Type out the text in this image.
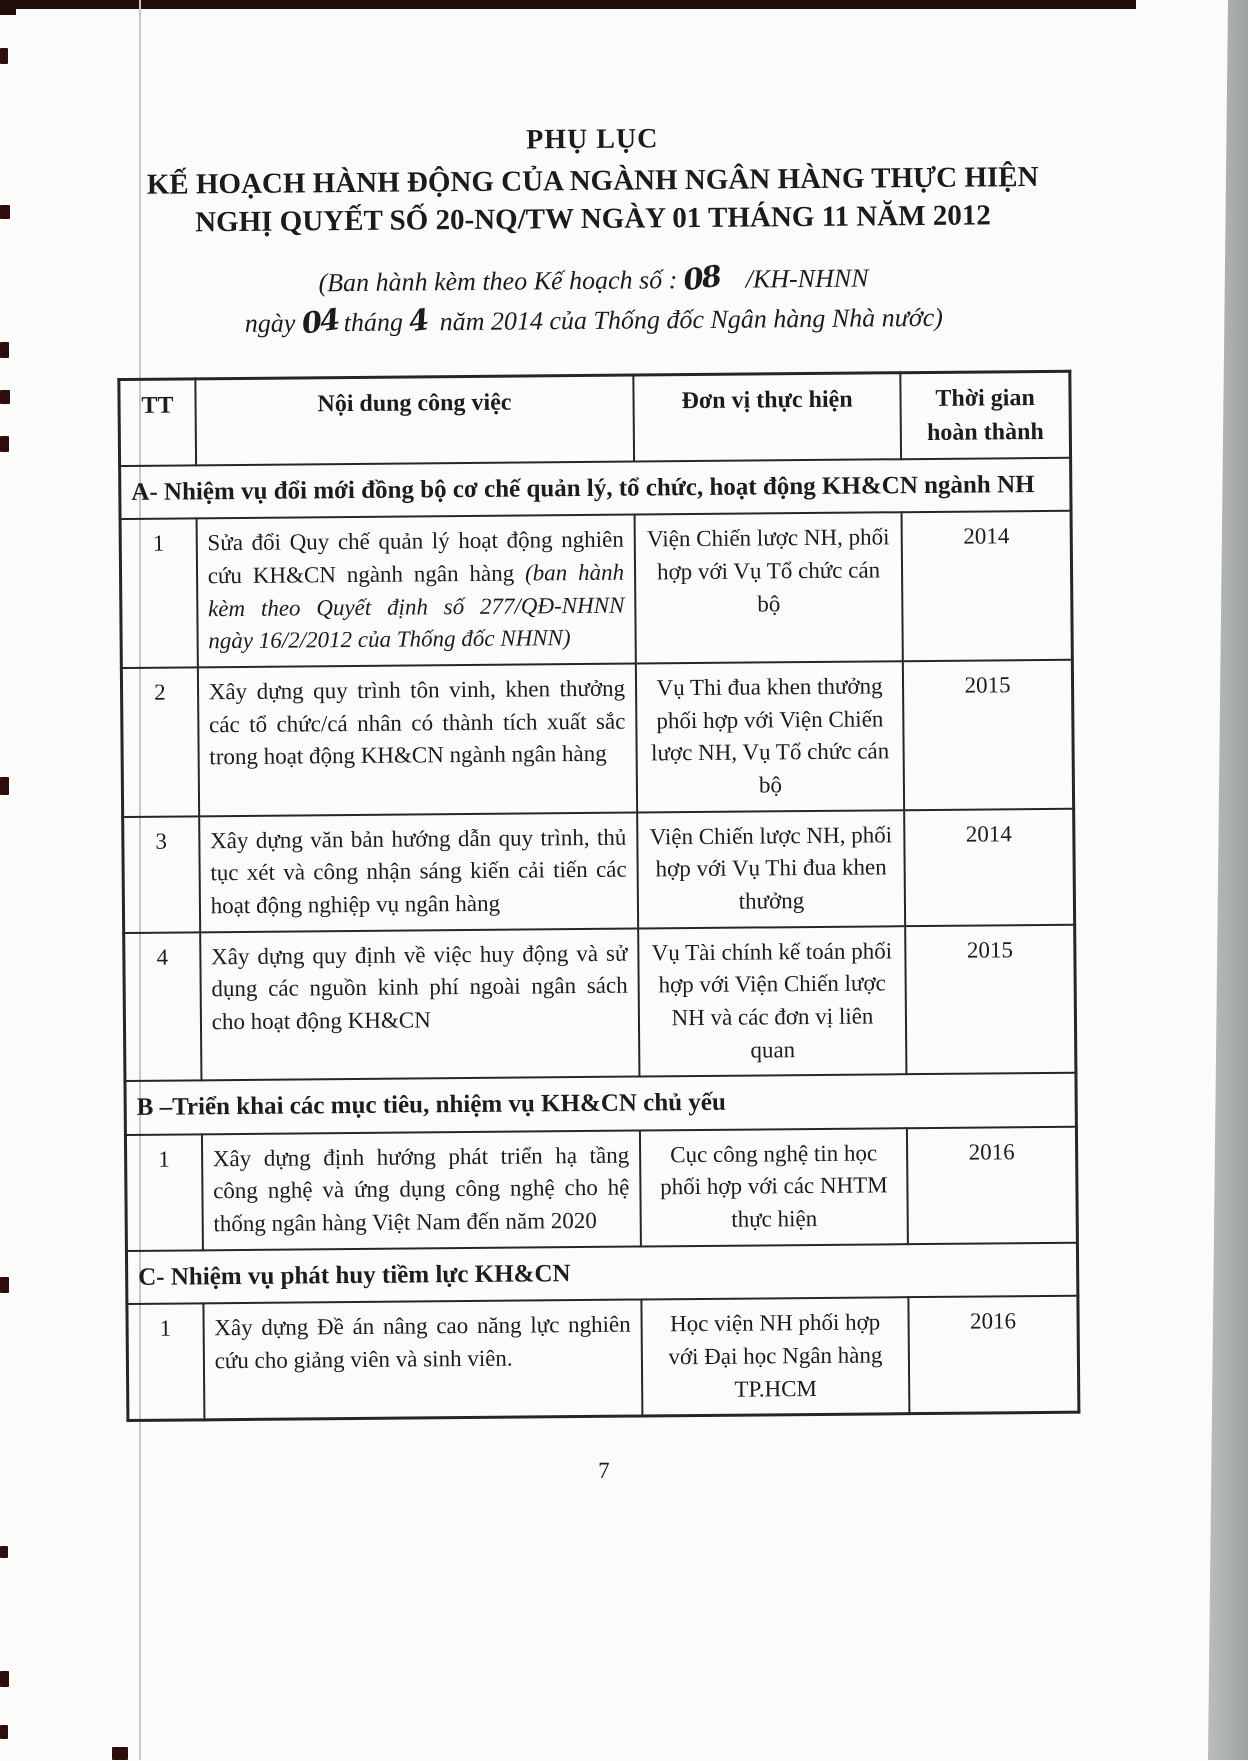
PHỤ LỤC
KẾ HOẠCH HÀNH ĐỘNG CỦA NGÀNH NGÂN HÀNG THỰC HIỆN
NGHỊ QUYẾT SỐ 20-NQ/TW NGÀY 01 THÁNG 11 NĂM 2012
(Ban hành kèm theo Kế hoạch số : 08 /KH-NHNN
ngày 04 tháng 4 năm 2014 của Thống đốc Ngân hàng Nhà nước)
TT	Nội dung công việc	Đơn vị thực hiện	Thời gian hoàn thành
A- Nhiệm vụ đổi mới đồng bộ cơ chế quản lý, tổ chức, hoạt động KH&CN ngành NH			
1	Sửa đổi Quy chế quản lý hoạt động nghiên cứu KH&CN ngành ngân hàng (ban hành kèm theo Quyết định số 277/QĐ-NHNN ngày 16/2/2012 của Thống đốc NHNN)	Viện Chiến lược NH, phối hợp với Vụ Tổ chức cán bộ	2014
2	Xây dựng quy trình tôn vinh, khen thưởng các tổ chức/cá nhân có thành tích xuất sắc trong hoạt động KH&CN ngành ngân hàng	Vụ Thi đua khen thưởng phối hợp với Viện Chiến lược NH, Vụ Tổ chức cán bộ	2015
3	Xây dựng văn bản hướng dẫn quy trình, thủ tục xét và công nhận sáng kiến cải tiến các hoạt động nghiệp vụ ngân hàng	Viện Chiến lược NH, phối hợp với Vụ Thi đua khen thưởng	2014
4	Xây dựng quy định về việc huy động và sử dụng các nguồn kinh phí ngoài ngân sách cho hoạt động KH&CN	Vụ Tài chính kế toán phối hợp với Viện Chiến lược NH và các đơn vị liên quan	2015
B –Triển khai các mục tiêu, nhiệm vụ KH&CN chủ yếu			
1	Xây dựng định hướng phát triển hạ tầng công nghệ và ứng dụng công nghệ cho hệ thống ngân hàng Việt Nam đến năm 2020	Cục công nghệ tin học phối hợp với các NHTM thực hiện	2016
C- Nhiệm vụ phát huy tiềm lực KH&CN			
1	Xây dựng Đề án nâng cao năng lực nghiên cứu cho giảng viên và sinh viên.	Học viện NH phối hợp với Đại học Ngân hàng TP.HCM	2016
7
